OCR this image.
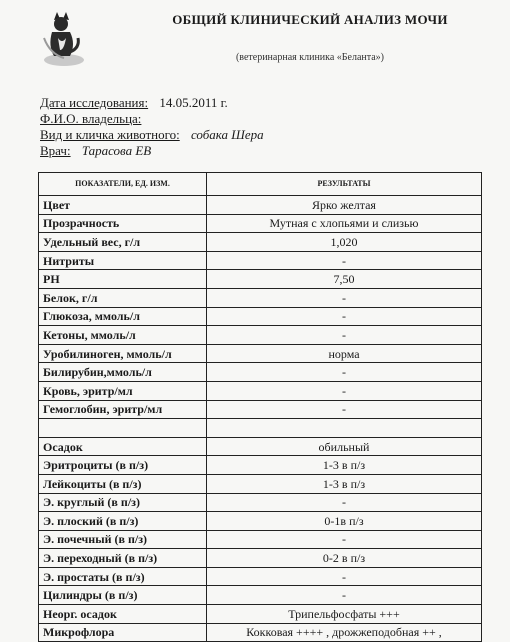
ОБЩИЙ КЛИНИЧЕСКИЙ АНАЛИЗ МОЧИ
(ветеринарная клиника «Беланта»)
Дата исследования: 14.05.2011 г.
Ф.И.О. владельца:
Вид и кличка животного: собака Шера
Врач: Тарасова ЕВ
ПОКАЗАТЕЛИ, ЕД. ИЗМ.	РЕЗУЛЬТАТЫ
Цвет	Ярко желтая
Прозрачность	Мутная с хлопьями и слизью
Удельный вес, г/л	1,020
Нитриты	-
PH	7,50
Белок, г/л	-
Глюкоза, ммоль/л	-
Кетоны, ммоль/л	-
Уробилиноген, ммоль/л	норма
Билирубин,ммоль/л	-
Кровь, эритр/мл	-
Гемоглобин, эритр/мл	-

Осадок	обильный
Эритроциты (в п/з)	1-3 в п/з
Лейкоциты (в п/з)	1-3 в п/з
Э. круглый (в п/з)	-
Э. плоский (в п/з)	0-1в п/з
Э. почечный (в п/з)	-
Э. переходный (в п/з)	0-2 в п/з
Э. простаты (в п/з)	-
Цилиндры (в п/з)	-
Неорг. осадок	Трипельфосфаты +++
Микрофлора	Кокковая ++++ , дрожжеподобная ++ ,
